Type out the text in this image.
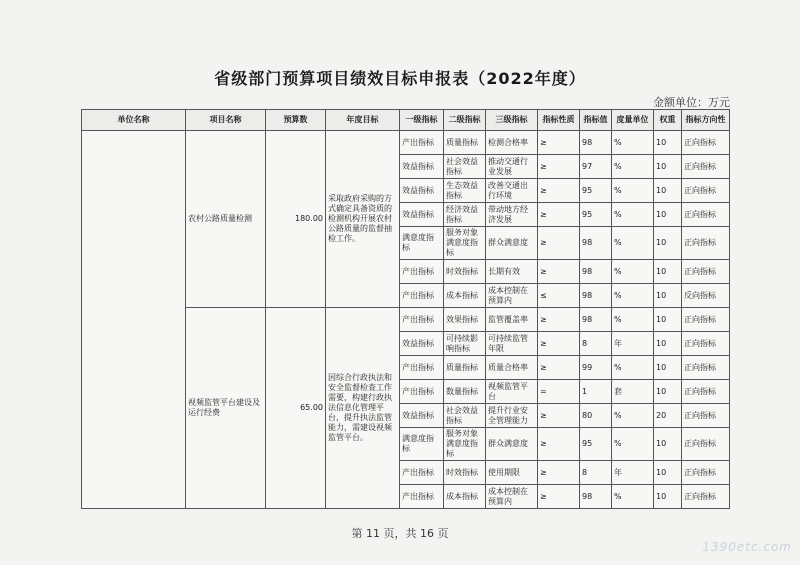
省级部门预算项目绩效目标申报表（2022年度）
金额单位：万元
单位名称	项目名称	预算数	年度目标	一级指标	二级指标	三级指标	指标性质	指标值	度量单位	权重	指标方向性
	农村公路质量检测	180.00	采取政府采购的方式确定具备资质的检测机构开展农村公路质量的监督抽检工作。	产出指标	质量指标	检测合格率	≥	98	%	10	正向指标
				效益指标	社会效益指标	推动交通行业发展	≥	97	%	10	正向指标
				效益指标	生态效益指标	改善交通出行环境	≥	95	%	10	正向指标
				效益指标	经济效益指标	带动地方经济发展	≥	95	%	10	正向指标
				满意度指标	服务对象满意度指标	群众满意度	≥	98	%	10	正向指标
				产出指标	时效指标	长期有效	≥	98	%	10	正向指标
				产出指标	成本指标	成本控制在预算内	≤	98	%	10	反向指标
	视频监管平台建设及运行经费	65.00	因综合行政执法和安全监督检查工作需要，构建行政执法信息化管理平台，提升执法监管能力，需建设视频监管平台。	产出指标	效果指标	监管覆盖率	≥	98	%	10	正向指标
				效益指标	可持续影响指标	可持续监管年限	≥	8	年	10	正向指标
				产出指标	质量指标	质量合格率	≥	99	%	10	正向指标
				产出指标	数量指标	视频监管平台	=	1	套	10	正向指标
				效益指标	社会效益指标	提升行业安全管理能力	≥	80	%	20	正向指标
				满意度指标	服务对象满意度指标	群众满意度	≥	95	%	10	正向指标
				产出指标	时效指标	使用期限	≥	8	年	10	正向指标
				产出指标	成本指标	成本控制在预算内	≥	98	%	10	正向指标
第 11 页，共 16 页
1390etc.com
